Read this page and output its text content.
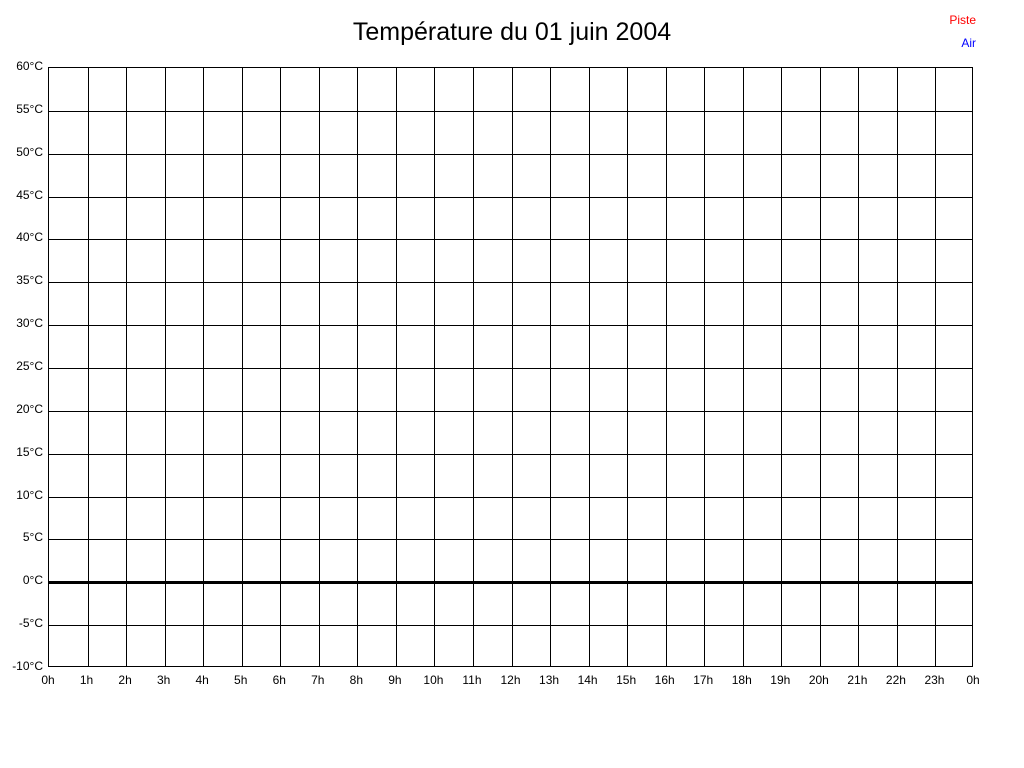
Température du 01 juin 2004	Piste
Air
60°C
55°C
50°C
45°C
40°C
35°C
30°C
25°C
20°C
15°C
10°C
5°C
0°C
-5°C
-10°C
0h 1h 2h 3h 4h 5h 6h 7h 8h 9h 10h 11h 12h 13h 14h 15h 16h 17h 18h 19h 20h 21h 22h 23h 0h
